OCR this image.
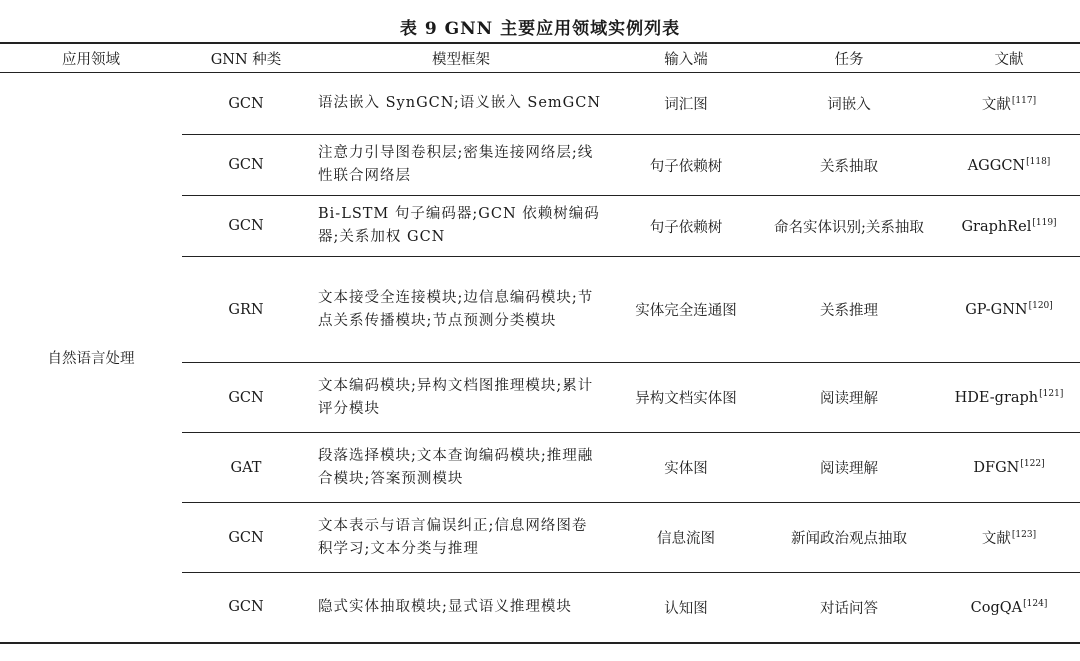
表 9 GNN 主要应用领域实例列表
应用领域	GNN 种类	模型框架	输入端	任务	文献
自然语言处理	GCN	语法嵌入 SynGCN;语义嵌入 SemGCN	词汇图	词嵌入	文献[117]
	GCN	注意力引导图卷积层;密集连接网络层;线性联合网络层	句子依赖树	关系抽取	AGGCN[118]
	GCN	Bi-LSTM 句子编码器;GCN 依赖树编码器;关系加权 GCN	句子依赖树	命名实体识别;关系抽取	GraphRel[119]
	GRN	文本接受全连接模块;边信息编码模块;节点关系传播模块;节点预测分类模块	实体完全连通图	关系推理	GP-GNN[120]
	GCN	文本编码模块;异构文档图推理模块;累计评分模块	异构文档实体图	阅读理解	HDE-graph[121]
	GAT	段落选择模块;文本查询编码模块;推理融合模块;答案预测模块	实体图	阅读理解	DFGN[122]
	GCN	文本表示与语言偏误纠正;信息网络图卷积学习;文本分类与推理	信息流图	新闻政治观点抽取	文献[123]
	GCN	隐式实体抽取模块;显式语义推理模块	认知图	对话问答	CogQA[124]
